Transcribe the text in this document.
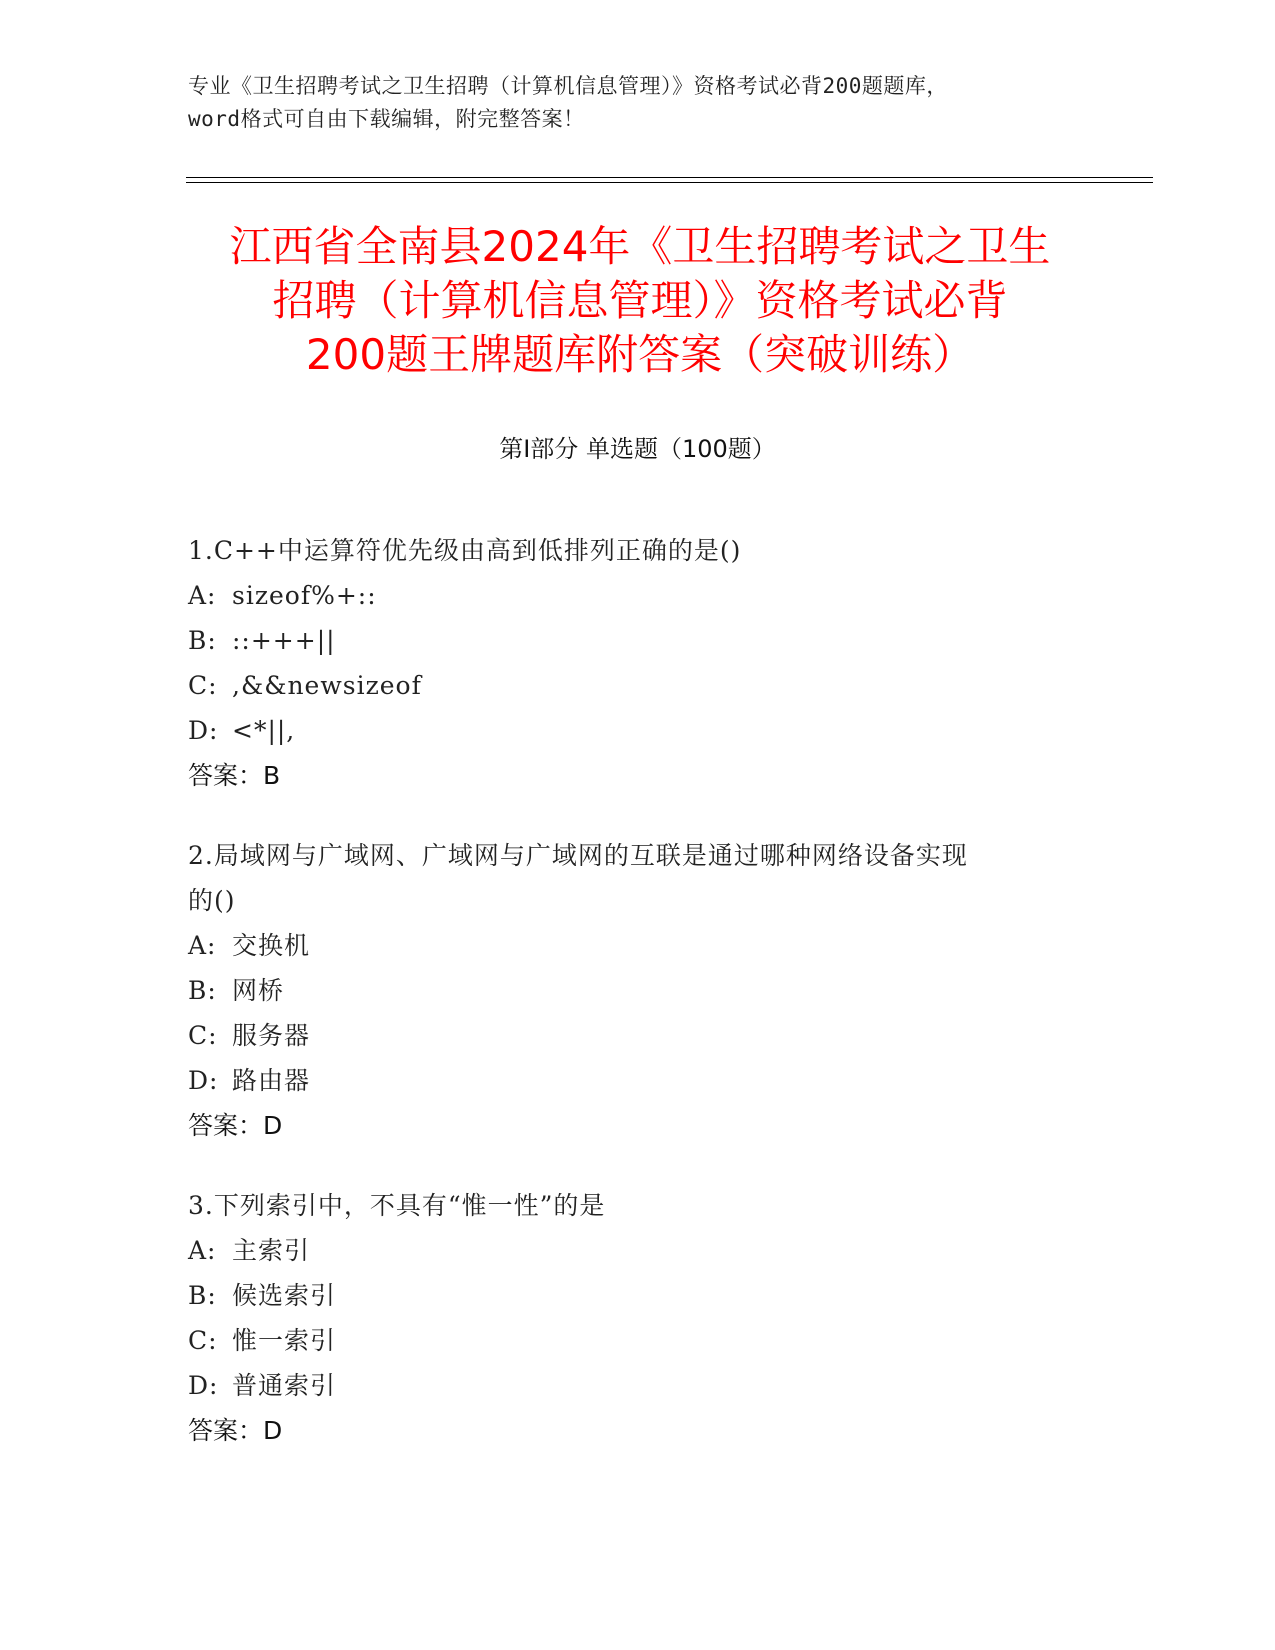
专业《卫生招聘考试之卫生招聘（计算机信息管理）》资格考试必背200题题库，
word格式可自由下载编辑，附完整答案！
江西省全南县2024年《卫生招聘考试之卫生
招聘（计算机信息管理）》资格考试必背
200题王牌题库附答案（突破训练）
第Ⅰ部分 单选题（100题）

1.C++中运算符优先级由高到低排列正确的是()

A: sizeof%+::

B: ::+++||

C: ,&&newsizeof

D: <*||,

答案：B

2.局域网与广域网、广域网与广域网的互联是通过哪种网络设备实现

的()

A: 交换机

B: 网桥

C: 服务器

D: 路由器

答案：D

3.下列索引中，不具有“惟一性”的是

A: 主索引

B: 候选索引

C: 惟一索引

D: 普通索引

答案：D
